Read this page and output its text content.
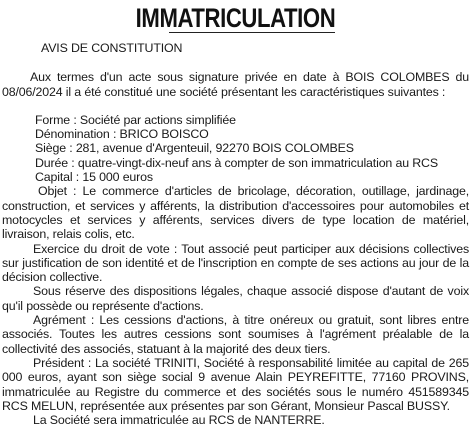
IMMATRICULATION
AVIS DE CONSTITUTION

Aux termes d'un acte sous signature privée en date à BOIS COLOMBES du 08/06/2024 il a été constitué une société présentant les caractéristiques suivantes :

Forme : Société par actions simplifiée
Dénomination : BRICO BOISCO
Siège : 281, avenue d'Argenteuil, 92270 BOIS COLOMBES
Durée : quatre-vingt-dix-neuf ans à compter de son immatriculation au RCS
Capital : 15 000 euros

Objet : Le commerce d'articles de bricolage, décoration, outillage, jardinage, construction, et services y afférents, la distribution d'accessoires pour automobiles et motocycles et services y afférents, services divers de type location de matériel, livraison, relais colis, etc.

Exercice du droit de vote : Tout associé peut participer aux décisions collectives sur justification de son identité et de l'inscription en compte de ses actions au jour de la décision collective.

Sous réserve des dispositions légales, chaque associé dispose d'autant de voix qu'il possède ou représente d'actions.

Agrément : Les cessions d'actions, à titre onéreux ou gratuit, sont libres entre associés. Toutes les autres cessions sont soumises à l'agrément préalable de la collectivité des associés, statuant à la majorité des deux tiers.

Président : La société TRINITI, Société à responsabilité limitée au capital de 265 000 euros, ayant son siège social 9 avenue Alain PEYREFITTE, 77160 PROVINS, immatriculée au Registre du commerce et des sociétés sous le numéro 451589345 RCS MELUN, représentée aux présentes par son Gérant, Monsieur Pascal BUSSY.

La Société sera immatriculée au RCS de NANTERRE.
